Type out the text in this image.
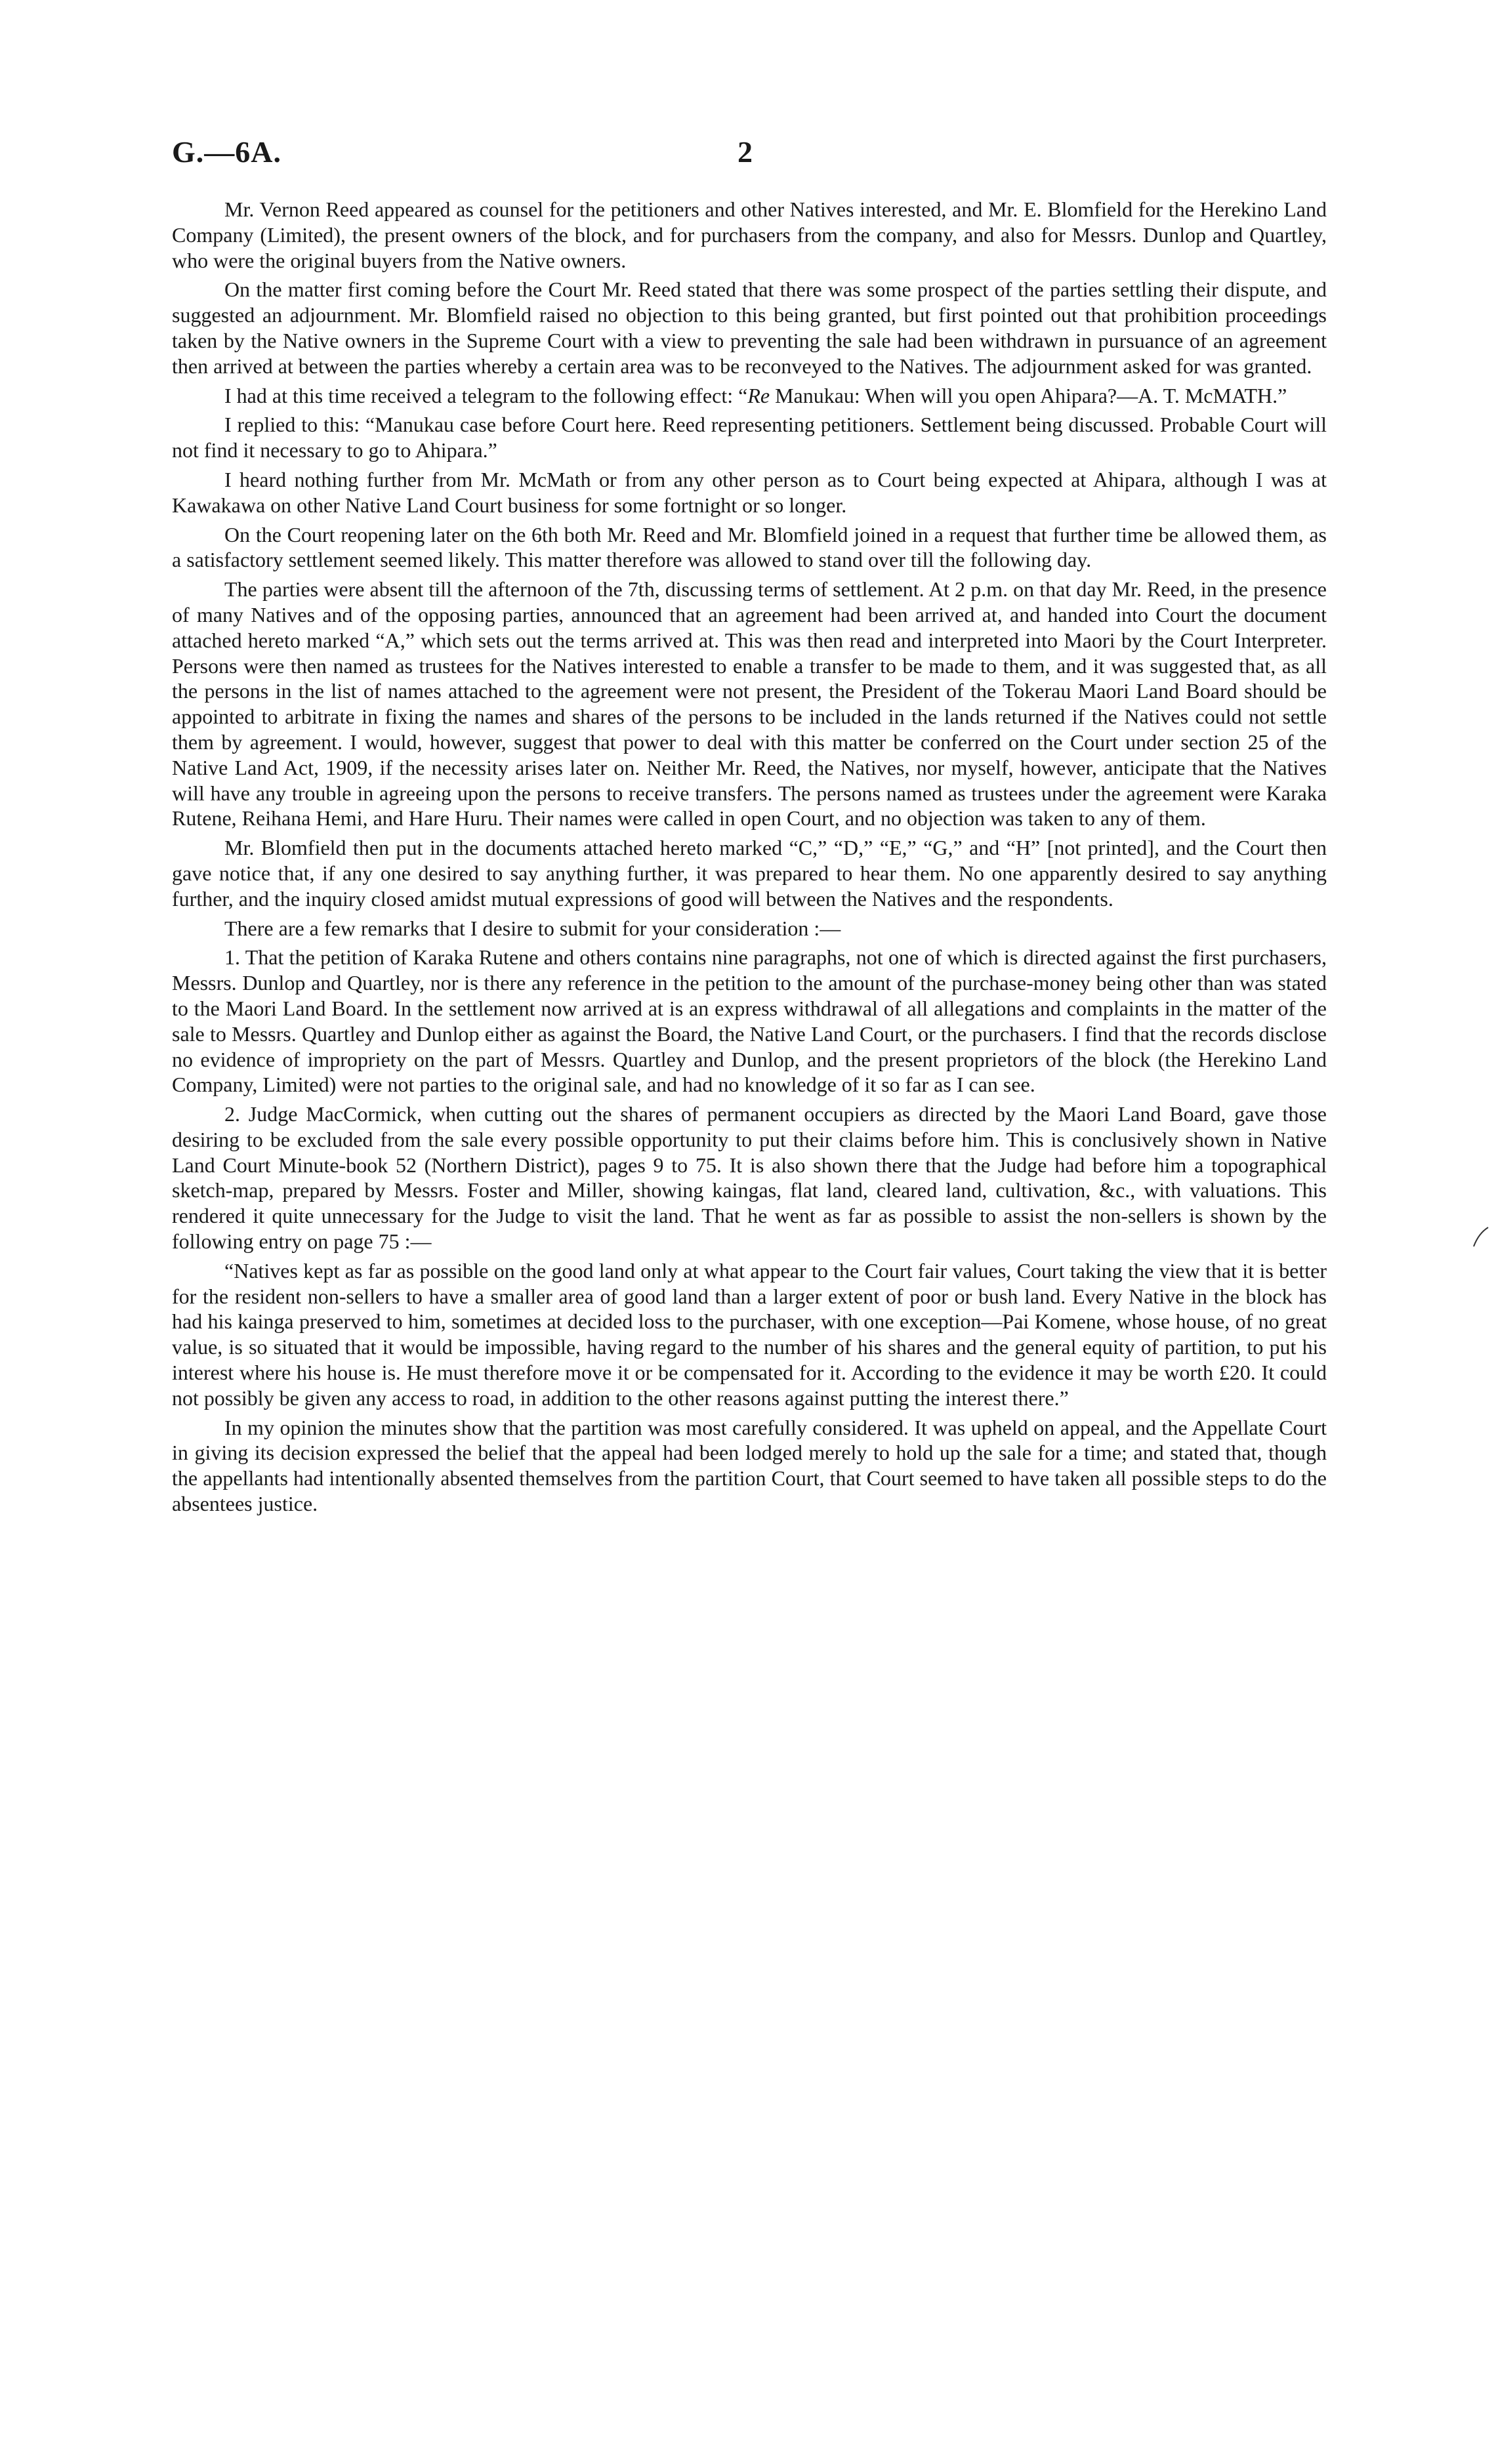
G.—6A.	2

Mr. Vernon Reed appeared as counsel for the petitioners and other Natives interested, and Mr. E. Blomfield for the Herekino Land Company (Limited), the present owners of the block, and for purchasers from the company, and also for Messrs. Dunlop and Quartley, who were the original buyers from the Native owners.

On the matter first coming before the Court Mr. Reed stated that there was some prospect of the parties settling their dispute, and suggested an adjournment. Mr. Blomfield raised no objection to this being granted, but first pointed out that prohibition proceedings taken by the Native owners in the Supreme Court with a view to preventing the sale had been withdrawn in pursuance of an agreement then arrived at between the parties whereby a certain area was to be reconveyed to the Natives. The adjournment asked for was granted.

I had at this time received a telegram to the following effect: “Re Manukau: When will you open Ahipara?—A. T. McMATH.”

I replied to this: “Manukau case before Court here. Reed representing petitioners. Settlement being discussed. Probable Court will not find it necessary to go to Ahipara.”

I heard nothing further from Mr. McMath or from any other person as to Court being expected at Ahipara, although I was at Kawakawa on other Native Land Court business for some fortnight or so longer.

On the Court reopening later on the 6th both Mr. Reed and Mr. Blomfield joined in a request that further time be allowed them, as a satisfactory settlement seemed likely. This matter therefore was allowed to stand over till the following day.

The parties were absent till the afternoon of the 7th, discussing terms of settlement. At 2 p.m. on that day Mr. Reed, in the presence of many Natives and of the opposing parties, announced that an agreement had been arrived at, and handed into Court the document attached hereto marked “A,” which sets out the terms arrived at. This was then read and interpreted into Maori by the Court Interpreter. Persons were then named as trustees for the Natives interested to enable a transfer to be made to them, and it was suggested that, as all the persons in the list of names attached to the agreement were not present, the President of the Tokerau Maori Land Board should be appointed to arbitrate in fixing the names and shares of the persons to be included in the lands returned if the Natives could not settle them by agreement. I would, however, suggest that power to deal with this matter be conferred on the Court under section 25 of the Native Land Act, 1909, if the necessity arises later on. Neither Mr. Reed, the Natives, nor myself, however, anticipate that the Natives will have any trouble in agreeing upon the persons to receive transfers. The persons named as trustees under the agreement were Karaka Rutene, Reihana Hemi, and Hare Huru. Their names were called in open Court, and no objection was taken to any of them.

Mr. Blomfield then put in the documents attached hereto marked “C,” “D,” “E,” “G,” and “H” [not printed], and the Court then gave notice that, if any one desired to say anything further, it was prepared to hear them. No one apparently desired to say anything further, and the inquiry closed amidst mutual expressions of good will between the Natives and the respondents.

There are a few remarks that I desire to submit for your consideration :—

1. That the petition of Karaka Rutene and others contains nine paragraphs, not one of which is directed against the first purchasers, Messrs. Dunlop and Quartley, nor is there any reference in the petition to the amount of the purchase-money being other than was stated to the Maori Land Board. In the settlement now arrived at is an express withdrawal of all allegations and complaints in the matter of the sale to Messrs. Quartley and Dunlop either as against the Board, the Native Land Court, or the purchasers. I find that the records disclose no evidence of impropriety on the part of Messrs. Quartley and Dunlop, and the present proprietors of the block (the Herekino Land Company, Limited) were not parties to the original sale, and had no knowledge of it so far as I can see.

2. Judge MacCormick, when cutting out the shares of permanent occupiers as directed by the Maori Land Board, gave those desiring to be excluded from the sale every possible opportunity to put their claims before him. This is conclusively shown in Native Land Court Minute-book 52 (Northern District), pages 9 to 75. It is also shown there that the Judge had before him a topographical sketch-map, prepared by Messrs. Foster and Miller, showing kaingas, flat land, cleared land, cultivation, &c., with valuations. This rendered it quite unnecessary for the Judge to visit the land. That he went as far as possible to assist the non-sellers is shown by the following entry on page 75 :—

“Natives kept as far as possible on the good land only at what appear to the Court fair values, Court taking the view that it is better for the resident non-sellers to have a smaller area of good land than a larger extent of poor or bush land. Every Native in the block has had his kainga preserved to him, sometimes at decided loss to the purchaser, with one exception—Pai Komene, whose house, of no great value, is so situated that it would be impossible, having regard to the number of his shares and the general equity of partition, to put his interest where his house is. He must therefore move it or be compensated for it. According to the evidence it may be worth £20. It could not possibly be given any access to road, in addition to the other reasons against putting the interest there.”

In my opinion the minutes show that the partition was most carefully considered. It was upheld on appeal, and the Appellate Court in giving its decision expressed the belief that the appeal had been lodged merely to hold up the sale for a time; and stated that, though the appellants had intentionally absented themselves from the partition Court, that Court seemed to have taken all possible steps to do the absentees justice.
